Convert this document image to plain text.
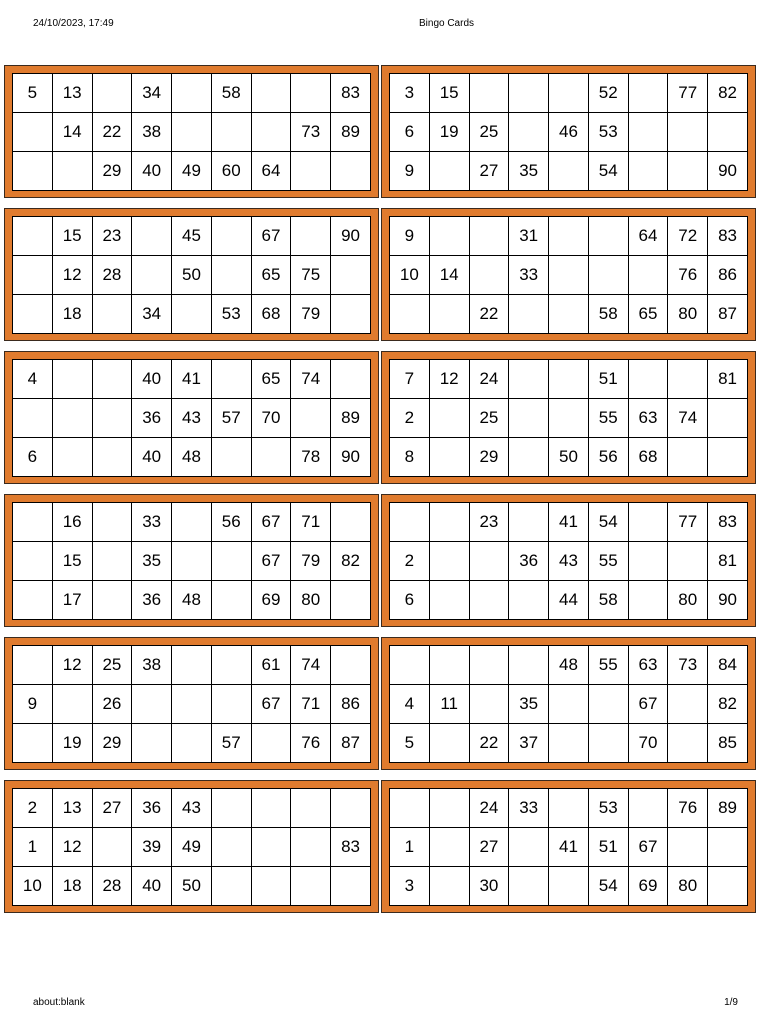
24/10/2023, 17:49	Bingo Cards
5	13		34		58			83
	14	22	38				73	89
		29	40	49	60	64		
3	15				52		77	82
6	19	25		46	53			
9		27	35		54			90
	15	23		45		67		90
	12	28		50		65	75	
	18		34		53	68	79	
9			31			64	72	83
10	14		33				76	86
		22			58	65	80	87
4			40	41		65	74	
			36	43	57	70		89
6			40	48			78	90
7	12	24			51			81
2		25			55	63	74	
8		29		50	56	68		
	16		33		56	67	71	
	15		35			67	79	82
	17		36	48		69	80	
		23		41	54		77	83
2			36	43	55			81
6				44	58		80	90
	12	25	38			61	74	
9		26				67	71	86
	19	29			57		76	87
				48	55	63	73	84
4	11		35			67		82
5		22	37			70		85
2	13	27	36	43				
1	12		39	49				83
10	18	28	40	50				
		24	33		53		76	89
1		27		41	51	67		
3		30			54	69	80	
about:blank	1/9
